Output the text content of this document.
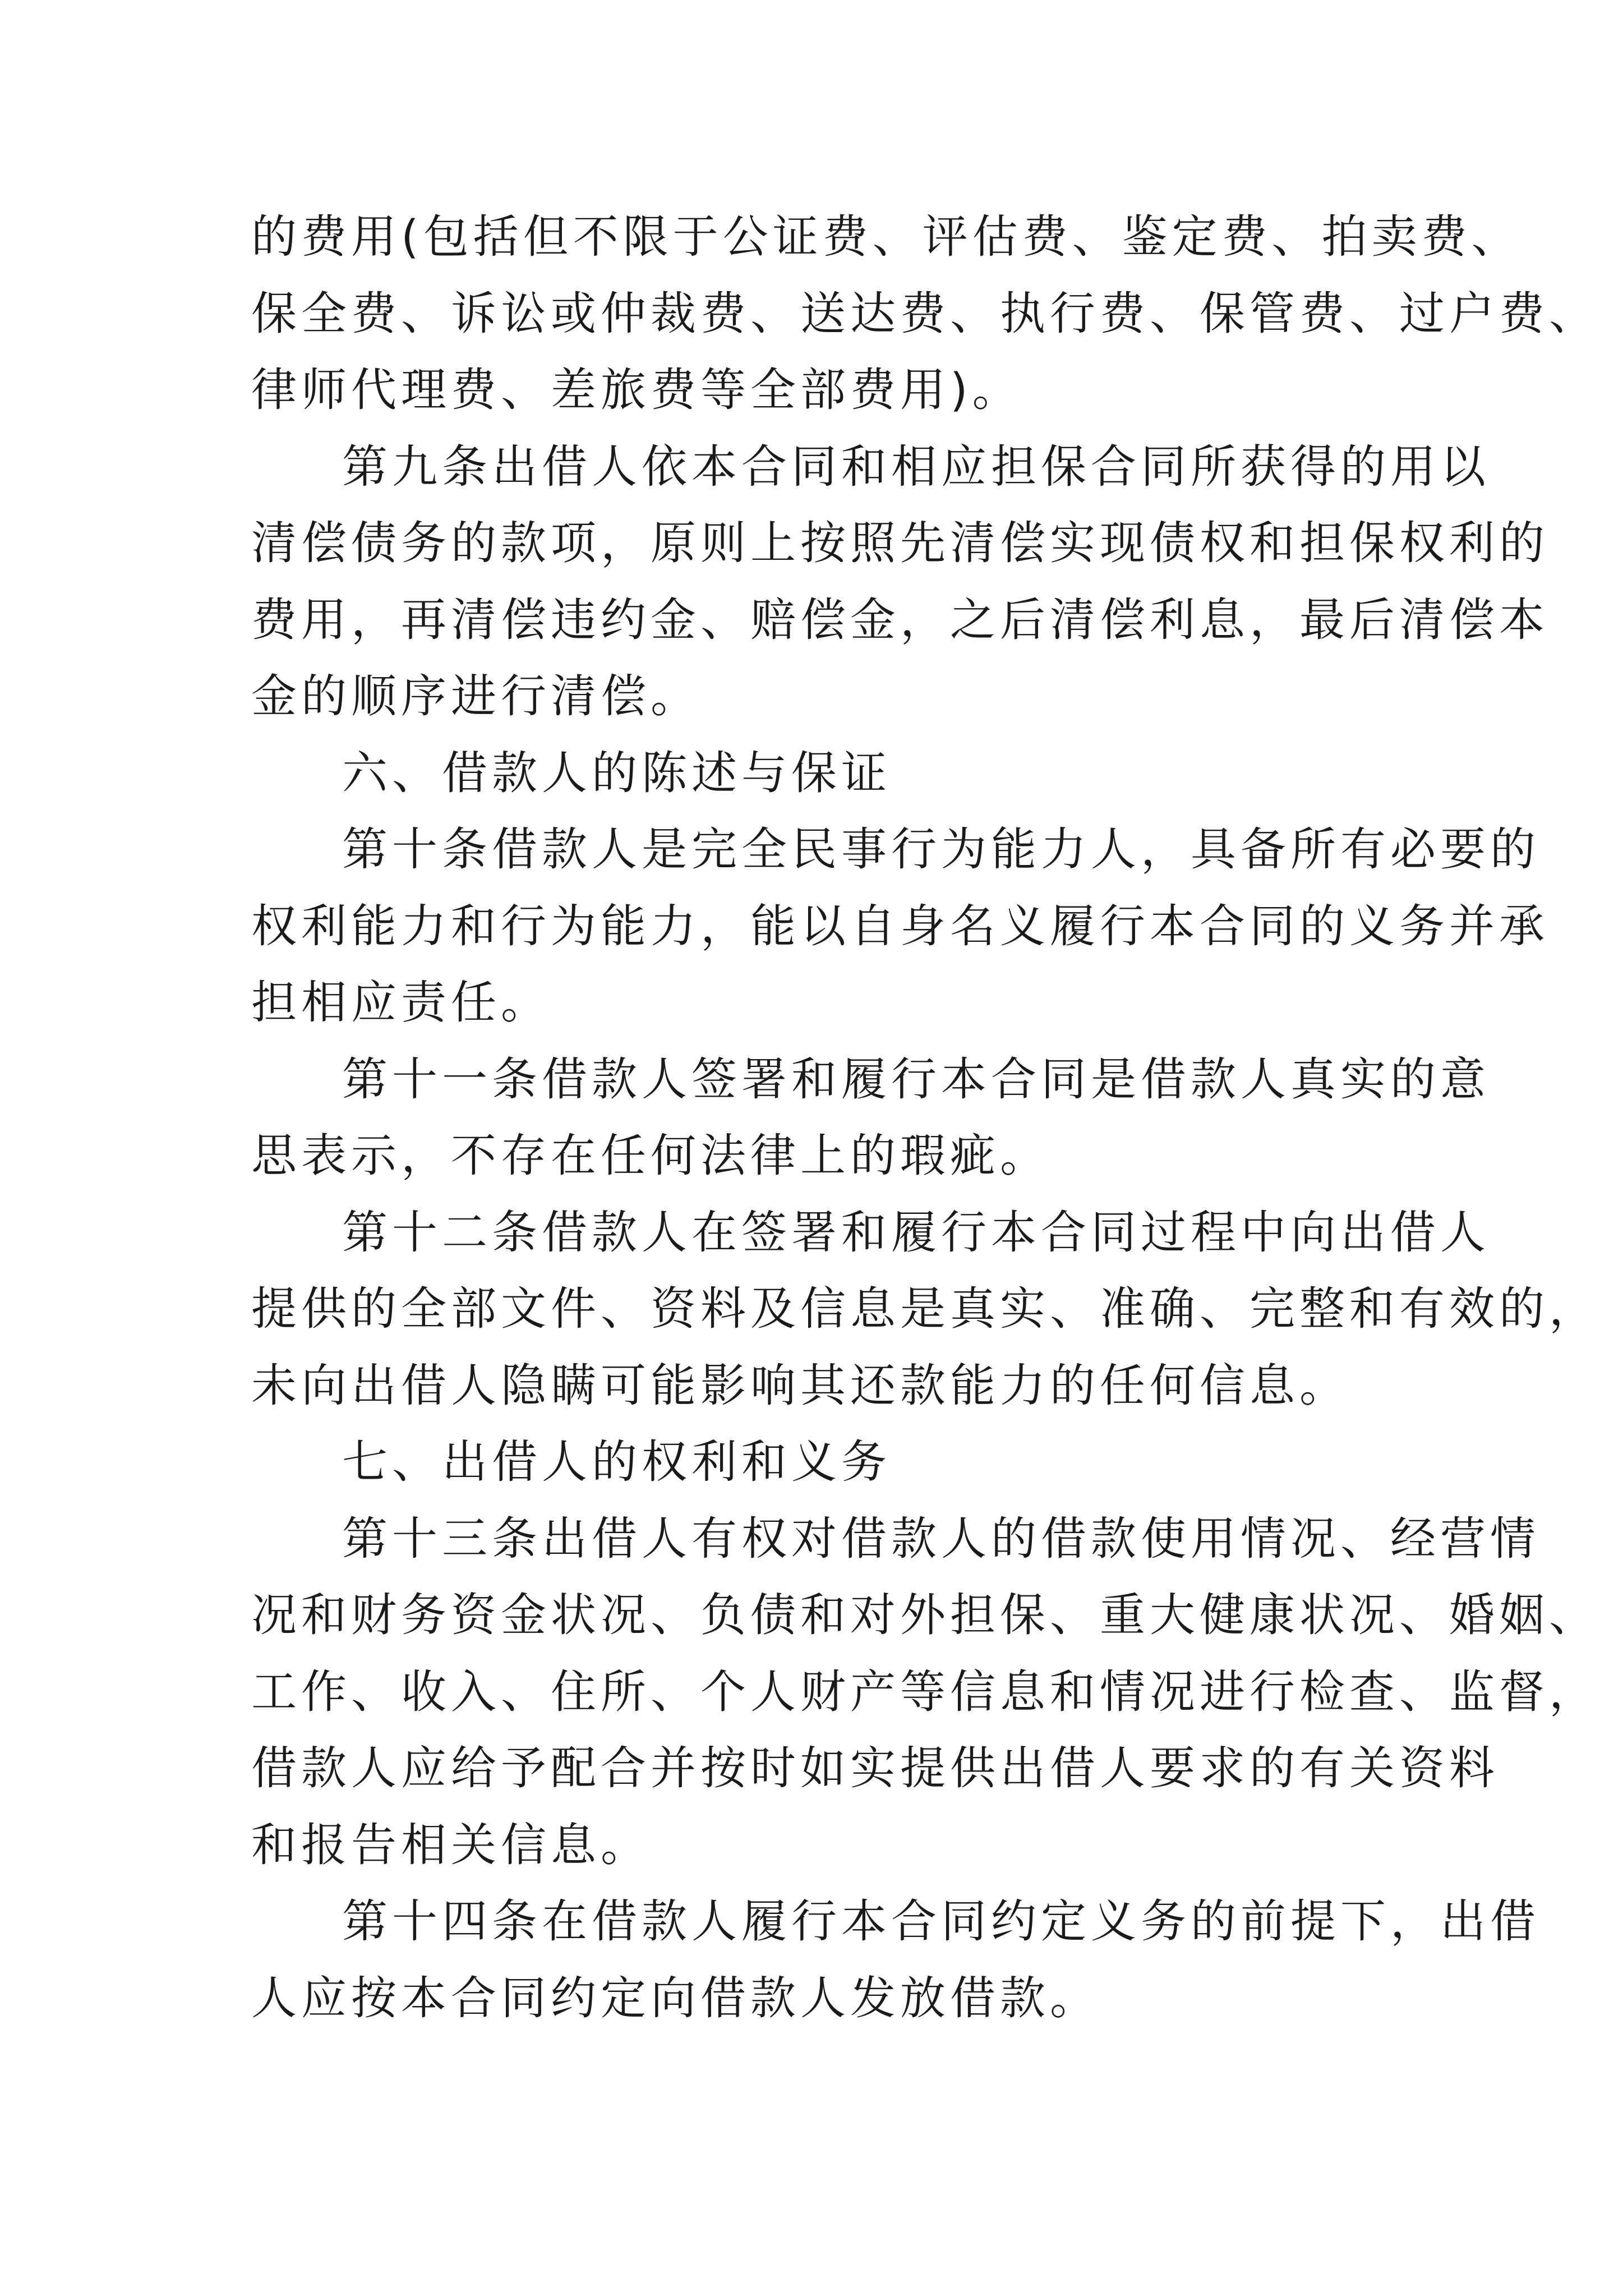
的费用(包括但不限于公证费、评估费、鉴定费、拍卖费、
保全费、诉讼或仲裁费、送达费、执行费、保管费、过户费、
律师代理费、差旅费等全部费用)。
第九条出借人依本合同和相应担保合同所获得的用以
清偿债务的款项，原则上按照先清偿实现债权和担保权利的
费用，再清偿违约金、赔偿金，之后清偿利息，最后清偿本
金的顺序进行清偿。
六、借款人的陈述与保证
第十条借款人是完全民事行为能力人，具备所有必要的
权利能力和行为能力，能以自身名义履行本合同的义务并承
担相应责任。
第十一条借款人签署和履行本合同是借款人真实的意
思表示，不存在任何法律上的瑕疵。
第十二条借款人在签署和履行本合同过程中向出借人
提供的全部文件、资料及信息是真实、准确、完整和有效的，
未向出借人隐瞒可能影响其还款能力的任何信息。
七、出借人的权利和义务
第十三条出借人有权对借款人的借款使用情况、经营情
况和财务资金状况、负债和对外担保、重大健康状况、婚姻、
工作、收入、住所、个人财产等信息和情况进行检查、监督，
借款人应给予配合并按时如实提供出借人要求的有关资料
和报告相关信息。
第十四条在借款人履行本合同约定义务的前提下，出借
人应按本合同约定向借款人发放借款。
